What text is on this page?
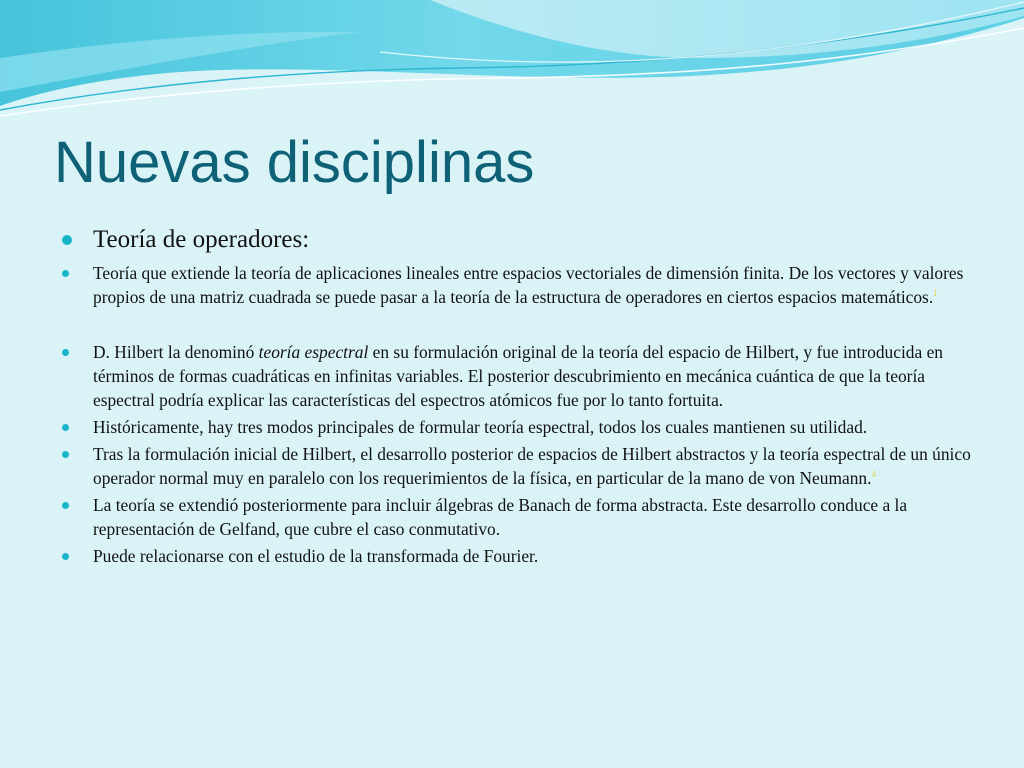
Nuevas disciplinas
Teoría de operadores:
Teoría que extiende la teoría de aplicaciones lineales entre espacios vectoriales de dimensión finita. De los vectores y valores propios de una matriz cuadrada se puede pasar a la teoría de la estructura de operadores en ciertos espacios matemáticos.$^1$
D. Hilbert la denominó teoría espectral en su formulación original de la teoría del espacio de Hilbert, y fue introducida en términos de formas cuadráticas en infinitas variables. El posterior descubrimiento en mecánica cuántica de que la teoría espectral podría explicar las características del espectros atómicos fue por lo tanto fortuita.
Históricamente, hay tres modos principales de formular teoría espectral, todos los cuales mantienen su utilidad.
Tras la formulación inicial de Hilbert, el desarrollo posterior de espacios de Hilbert abstractos y la teoría espectral de un único operador normal muy en paralelo con los requerimientos de la física, en particular de la mano de von Neumann.$^4$
La teoría se extendió posteriormente para incluir álgebras de Banach de forma abstracta. Este desarrollo conduce a la representación de Gelfand, que cubre el caso conmutativo.
Puede relacionarse con el estudio de la transformada de Fourier.
